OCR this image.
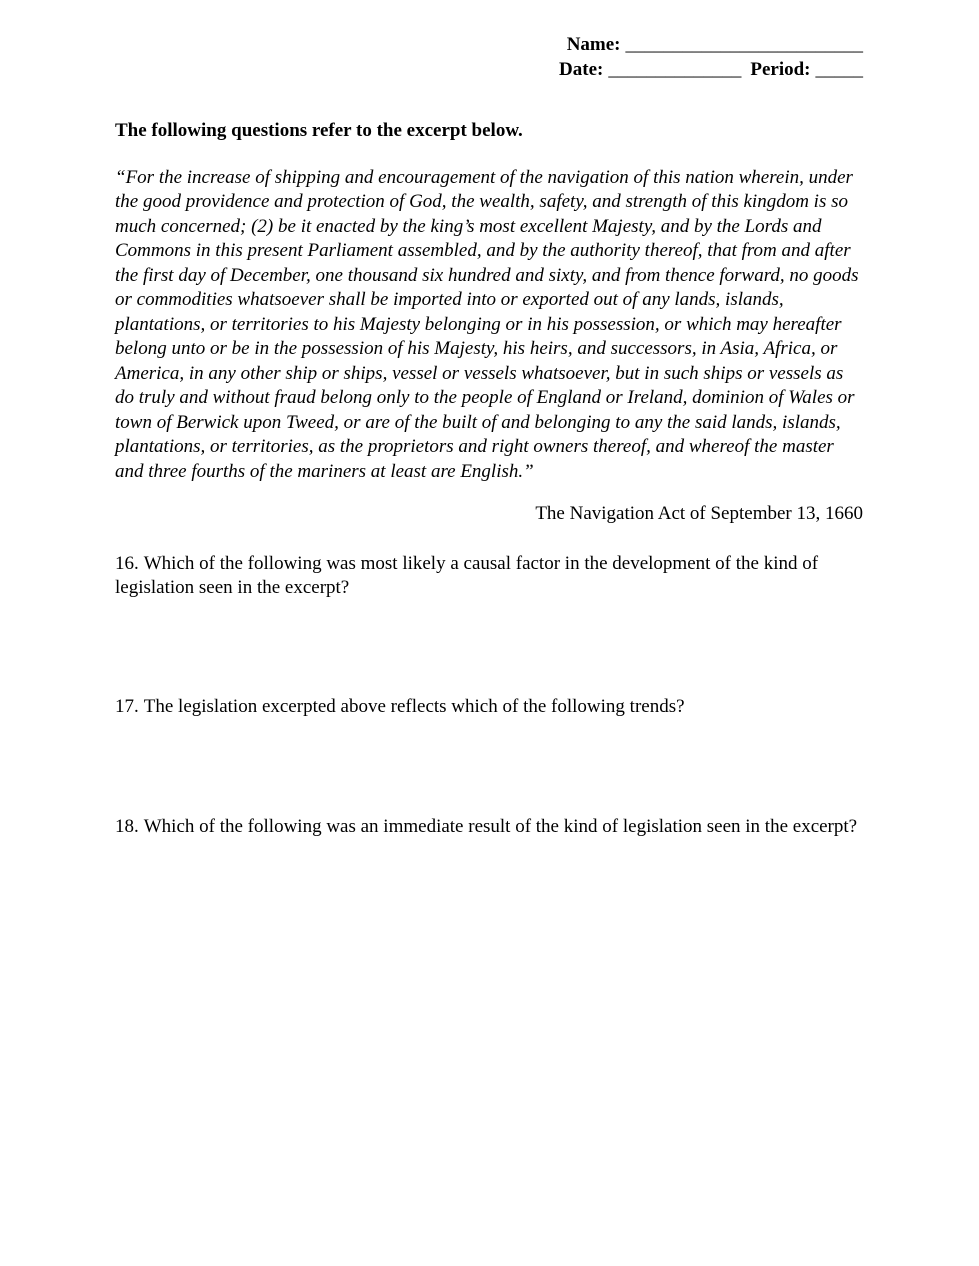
Name: _________________________
Date: ______________ Period: _____

The following questions refer to the excerpt below.

“For the increase of shipping and encouragement of the navigation of this nation wherein, under the good providence and protection of God, the wealth, safety, and strength of this kingdom is so much concerned; (2) be it enacted by the king’s most excellent Majesty, and by the Lords and Commons in this present Parliament assembled, and by the authority thereof, that from and after the first day of December, one thousand six hundred and sixty, and from thence forward, no goods or commodities whatsoever shall be imported into or exported out of any lands, islands, plantations, or territories to his Majesty belonging or in his possession, or which may hereafter belong unto or be in the possession of his Majesty, his heirs, and successors, in Asia, Africa, or America, in any other ship or ships, vessel or vessels whatsoever, but in such ships or vessels as do truly and without fraud belong only to the people of England or Ireland, dominion of Wales or town of Berwick upon Tweed, or are of the built of and belonging to any the said lands, islands, plantations, or territories, as the proprietors and right owners thereof, and whereof the master and three fourths of the mariners at least are English.”

The Navigation Act of September 13, 1660

16. Which of the following was most likely a causal factor in the development of the kind of legislation seen in the excerpt?

17. The legislation excerpted above reflects which of the following trends?

18. Which of the following was an immediate result of the kind of legislation seen in the excerpt?
